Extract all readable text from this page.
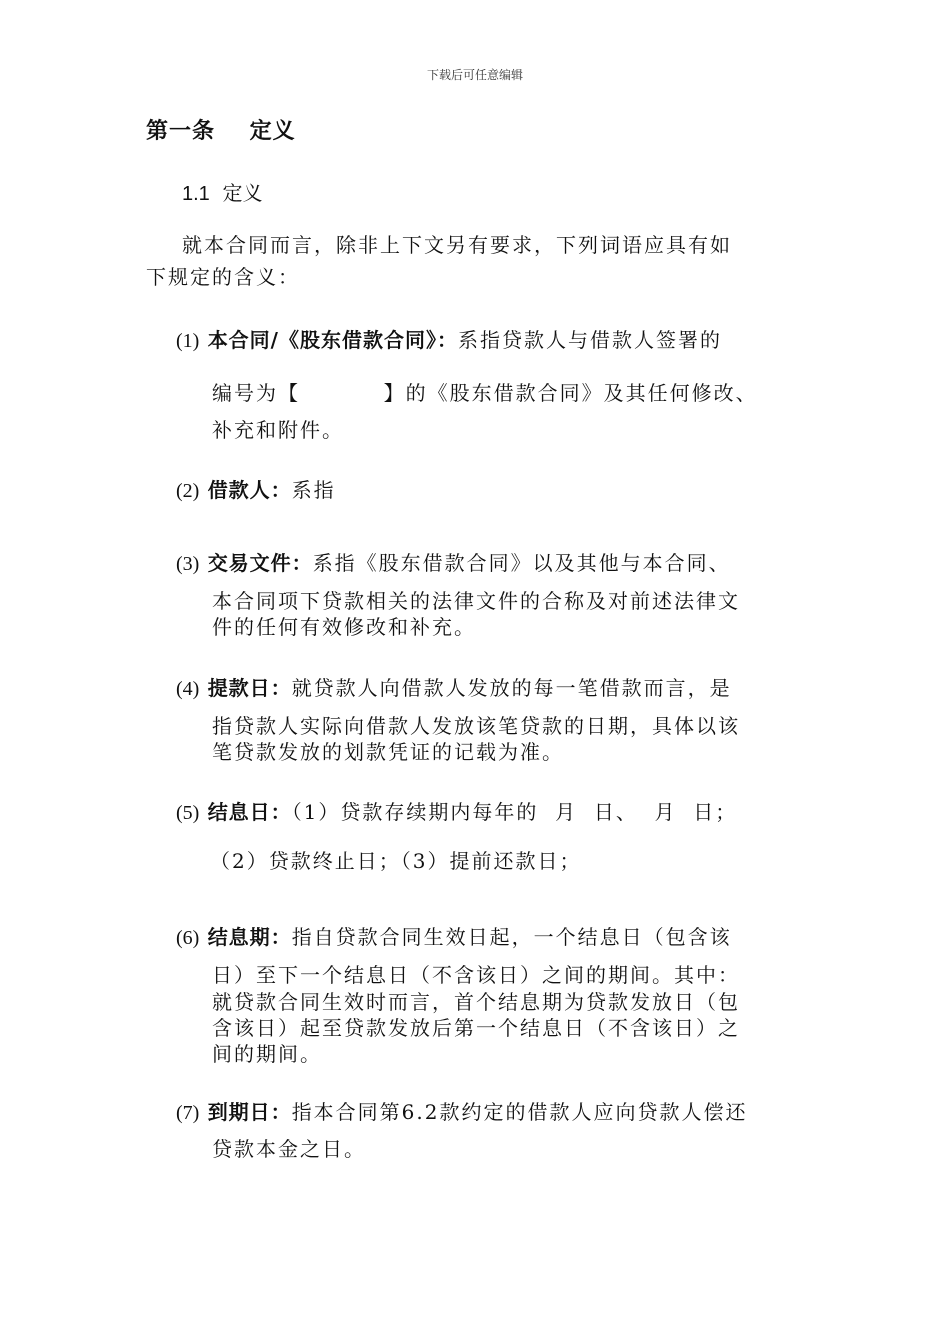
下载后可任意编辑
第一条    定义
1.1 定义
就本合同而言，除非上下文另有要求，下列词语应具有如
下规定的含义：
(1) 本合同/《股东借款合同》：系指贷款人与借款人签署的
编号为【          】的《股东借款合同》及其任何修改、
补充和附件。
(2) 借款人：系指
(3) 交易文件：系指《股东借款合同》以及其他与本合同、
本合同项下贷款相关的法律文件的合称及对前述法律文
件的任何有效修改和补充。
(4) 提款日：就贷款人向借款人发放的每一笔借款而言，是
指贷款人实际向借款人发放该笔贷款的日期，具体以该
笔贷款发放的划款凭证的记载为准。
(5) 结息日：（1）贷款存续期内每年的  月  日、  月  日；
（2）贷款终止日；（3）提前还款日；
(6) 结息期：指自贷款合同生效日起，一个结息日（包含该
日）至下一个结息日（不含该日）之间的期间。其中：
就贷款合同生效时而言，首个结息期为贷款发放日（包
含该日）起至贷款发放后第一个结息日（不含该日）之
间的期间。
(7) 到期日：指本合同第6.2款约定的借款人应向贷款人偿还
贷款本金之日。
